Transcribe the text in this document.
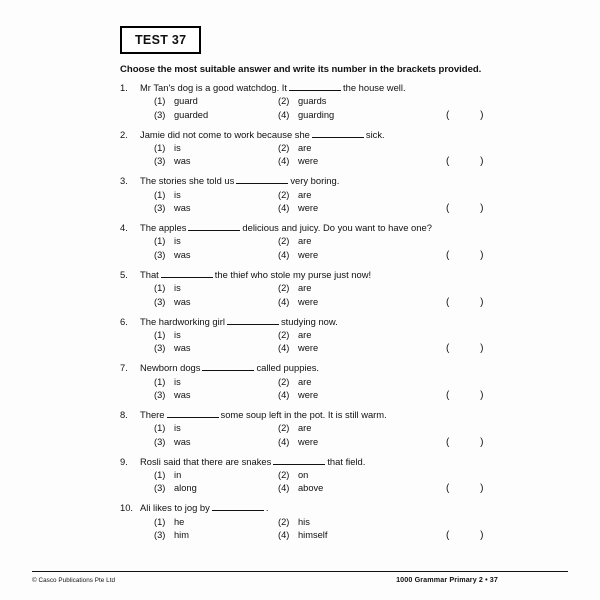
TEST 37
Choose the most suitable answer and write its number in the brackets provided.
1.	Mr Tan's dog is a good watchdog. It	the house well.
(1) guard	(2) guards
(3) guarded	(4) guarding	( )
2.	Jamie did not come to work because she	sick.
(1) is	(2) are
(3) was	(4) were	( )
3.	The stories she told us	very boring.
(1) is	(2) are
(3) was	(4) were	( )
4.	The apples	delicious and juicy. Do you want to have one?
(1) is	(2) are
(3) was	(4) were	( )
5.	That	the thief who stole my purse just now!
(1) is	(2) are
(3) was	(4) were	( )
6.	The hardworking girl	studying now.
(1) is	(2) are
(3) was	(4) were	( )
7.	Newborn dogs	called puppies.
(1) is	(2) are
(3) was	(4) were	( )
8.	There	some soup left in the pot. It is still warm.
(1) is	(2) are
(3) was	(4) were	( )
9.	Rosli said that there are snakes	that field.
(1) in	(2) on
(3) along	(4) above	( )
10. Ali likes to jog by	.
(1) he	(2) his
(3) him	(4) himself	( )
© Casco Publications Pte Ltd	1000 Grammar Primary 2 • 37
